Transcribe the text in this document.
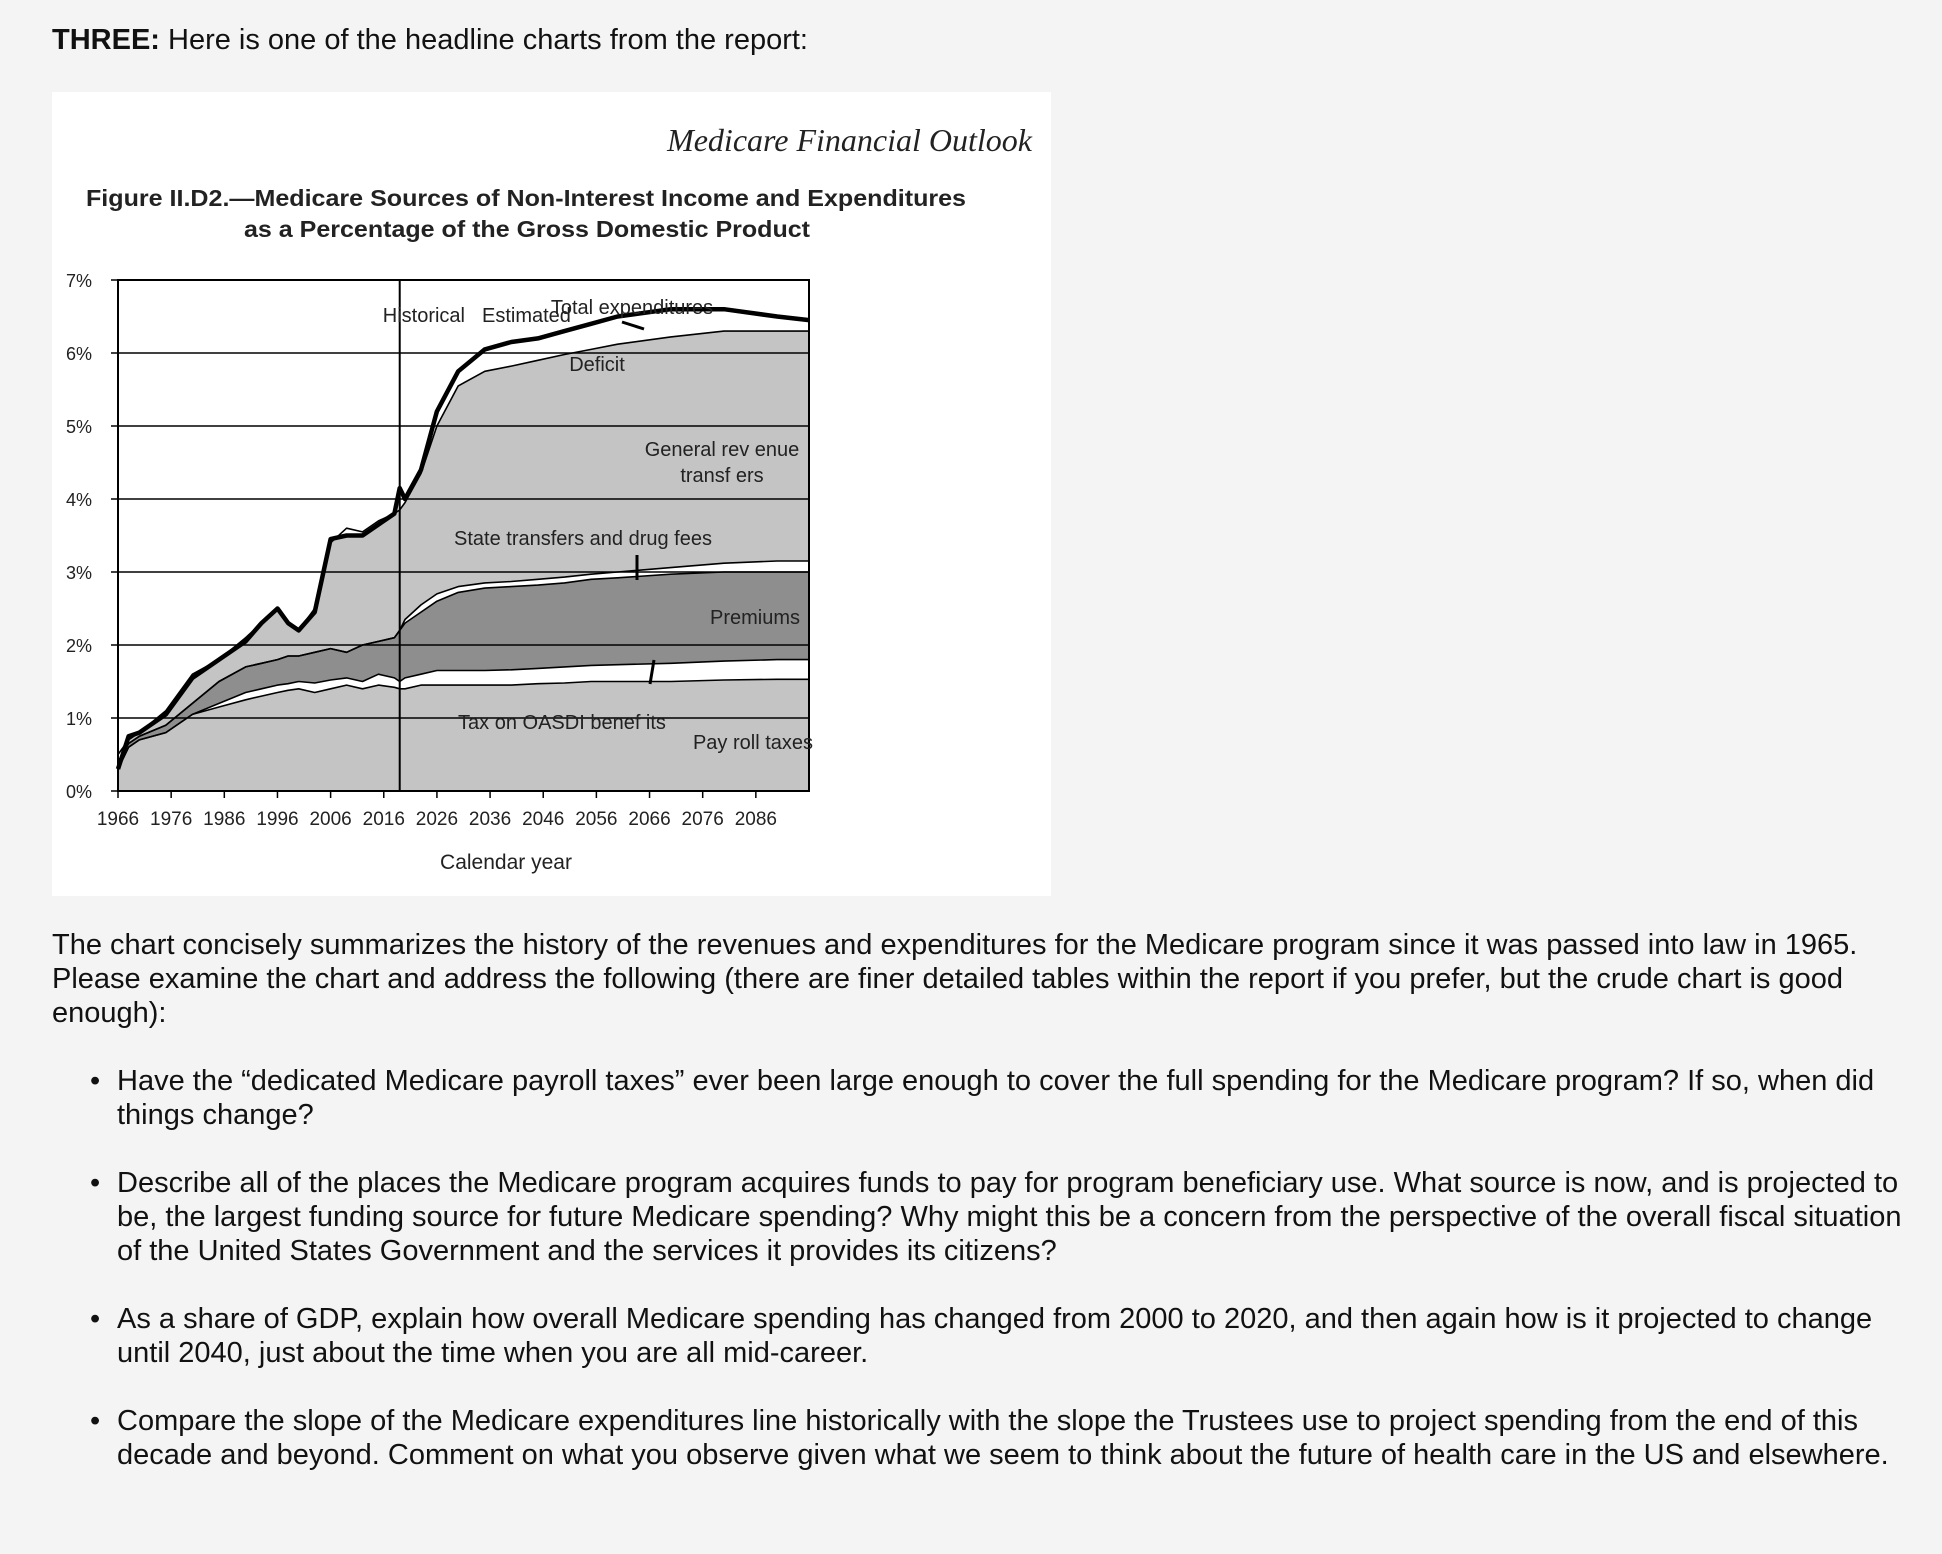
THREE: Here is one of the headline charts from the report:

Medicare Financial Outlook
Figure II.D2.—Medicare Sources of Non-Interest Income and Expenditures
as a Percentage of the Gross Domestic Product
0%
1%
2%
3%
4%
5%
6%
7%
1966 1976 1986 1996 2006 2016 2026 2036 2046 2056 2066 2076 2086
Historical Estimated
Total expenditures
Deficit
General rev enue
transf ers
State transfers and drug fees
Premiums
Tax on OASDI benef its
Pay roll taxes
Calendar year

The chart concisely summarizes the history of the revenues and expenditures for the Medicare program since it was passed into law in 1965. Please examine the chart and address the following (there are finer detailed tables within the report if you prefer, but the crude chart is good enough):

• Have the “dedicated Medicare payroll taxes” ever been large enough to cover the full spending for the Medicare program? If so, when did things change?
• Describe all of the places the Medicare program acquires funds to pay for program beneficiary use. What source is now, and is projected to be, the largest funding source for future Medicare spending? Why might this be a concern from the perspective of the overall fiscal situation of the United States Government and the services it provides its citizens?
• As a share of GDP, explain how overall Medicare spending has changed from 2000 to 2020, and then again how is it projected to change until 2040, just about the time when you are all mid-career.
• Compare the slope of the Medicare expenditures line historically with the slope the Trustees use to project spending from the end of this decade and beyond. Comment on what you observe given what we seem to think about the future of health care in the US and elsewhere.
